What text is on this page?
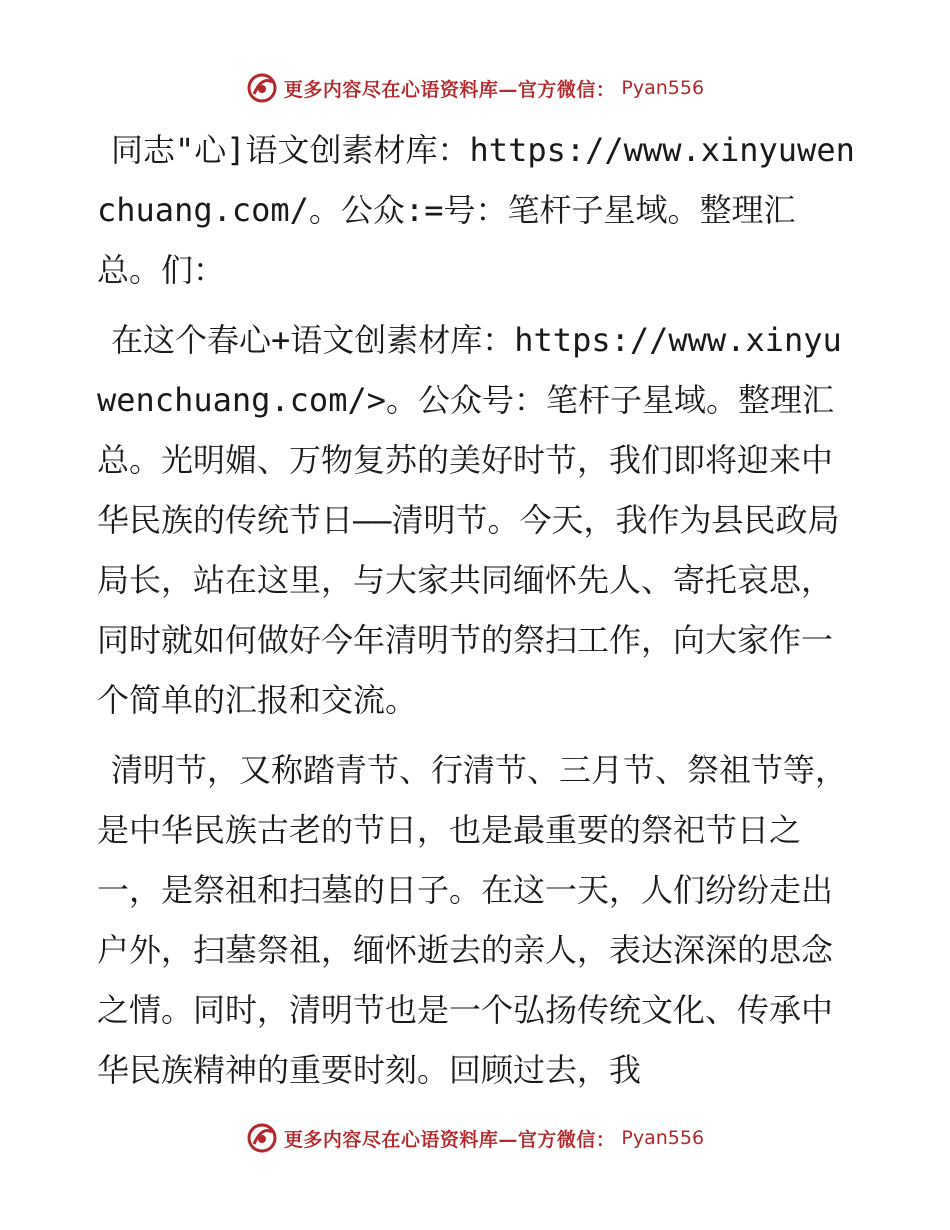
更多内容尽在心语资料库—官方微信： Pyan556

同志"心]语文创素材库：https://www.xinyuwenchuang.com/。公众:=号：笔杆子星域。整理汇总。们：

在这个春心+语文创素材库：https://www.xinyuwenchuang.com/>。公众号：笔杆子星域。整理汇总。光明媚、万物复苏的美好时节，我们即将迎来中华民族的传统节日——清明节。今天，我作为县民政局局长，站在这里，与大家共同缅怀先人、寄托哀思，同时就如何做好今年清明节的祭扫工作，向大家作一个简单的汇报和交流。

清明节，又称踏青节、行清节、三月节、祭祖节等，是中华民族古老的节日，也是最重要的祭祀节日之一，是祭祖和扫墓的日子。在这一天，人们纷纷走出户外，扫墓祭祖，缅怀逝去的亲人，表达深深的思念之情。同时，清明节也是一个弘扬传统文化、传承中华民族精神的重要时刻。回顾过去，我

更多内容尽在心语资料库—官方微信： Pyan556
